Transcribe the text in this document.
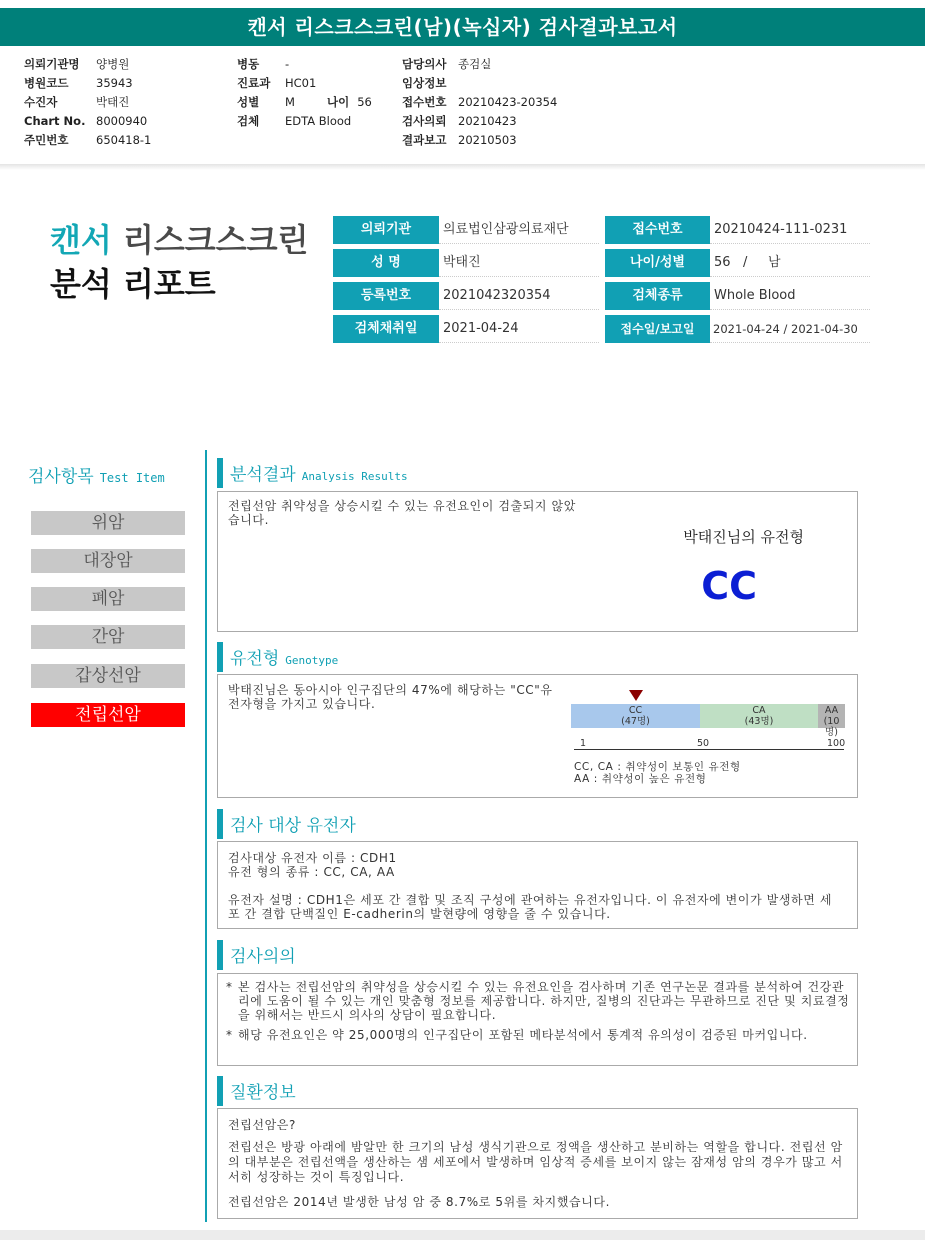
캔서 리스크스크린(남)(녹십자) 검사결과보고서
의뢰기관명 양병원
병원코드 35943
수진자	박태진
Chart No. 8000940
주민번호 650418-1
병동 -
진료과 HC01
성별 M
검체 EDTA Blood
나이 56
담당의사 종검실
임상정보
접수번호 20210423-20354
검사의뢰 20210423
결과보고 20210503
캔서 리스크스크린
분석 리포트
의뢰기관	의료법인삼광의료재단
성 명	박태진
등록번호	2021042320354
검체채취일	2021-04-24
접수번호	20210424-111-0231
나이/성별	56   /     남
검체종류	Whole Blood
접수일/보고일	2021-04-24 / 2021-04-30
검사항목 Test Item
위암
대장암
폐암
간암
갑상선암
전립선암
분석결과 Analysis Results
전립선암 취약성을 상승시킬 수 있는 유전요인이 검출되지 않았습니다.
박태진님의 유전형
CC
유전형 Genotype
박태진님은 동아시아 인구집단의 47%에 해당하는 "CC"유전자형을 가지고 있습니다.
1	50	100
CC, CA : 취약성이 보통인 유전형
AA : 취약성이 높은 유전형
CC
(47명)
CA
(43명)
AA
(10명)
검사 대상 유전자
검사대상 유전자 이름 : CDH1
유전 형의 종류 : CC, CA, AA
유전자 설명 : CDH1은 세포 간 결합 및 조직 구성에 관여하는 유전자입니다. 이 유전자에 변이가 발생하면 세포 간 결합 단백질인 E-cadherin의 발현량에 영향을 줄 수 있습니다.
검사의의
* 본 검사는 전립선암의 취약성을 상승시킬 수 있는 유전요인을 검사하며 기존 연구논문 결과를 분석하여 건강관리에 도움이 될 수 있는 개인 맞춤형 정보를 제공합니다. 하지만, 질병의 진단과는 무관하므로 진단 및 치료결정을 위해서는 반드시 의사의 상담이 필요합니다.
* 해당 유전요인은 약 25,000명의 인구집단이 포함된 메타분석에서 통계적 유의성이 검증된 마커입니다.
질환정보
전립선암은?
전립선은 방광 아래에 밤알만 한 크기의 남성 생식기관으로 정액을 생산하고 분비하는 역할을 합니다. 전립선 암의 대부분은 전립선액을 생산하는 샘 세포에서 발생하며 임상적 증세를 보이지 않는 잠재성 암의 경우가 많고 서서히 성장하는 것이 특징입니다.
전립선암은 2014년 발생한 남성 암 중 8.7%로 5위를 차지했습니다.
